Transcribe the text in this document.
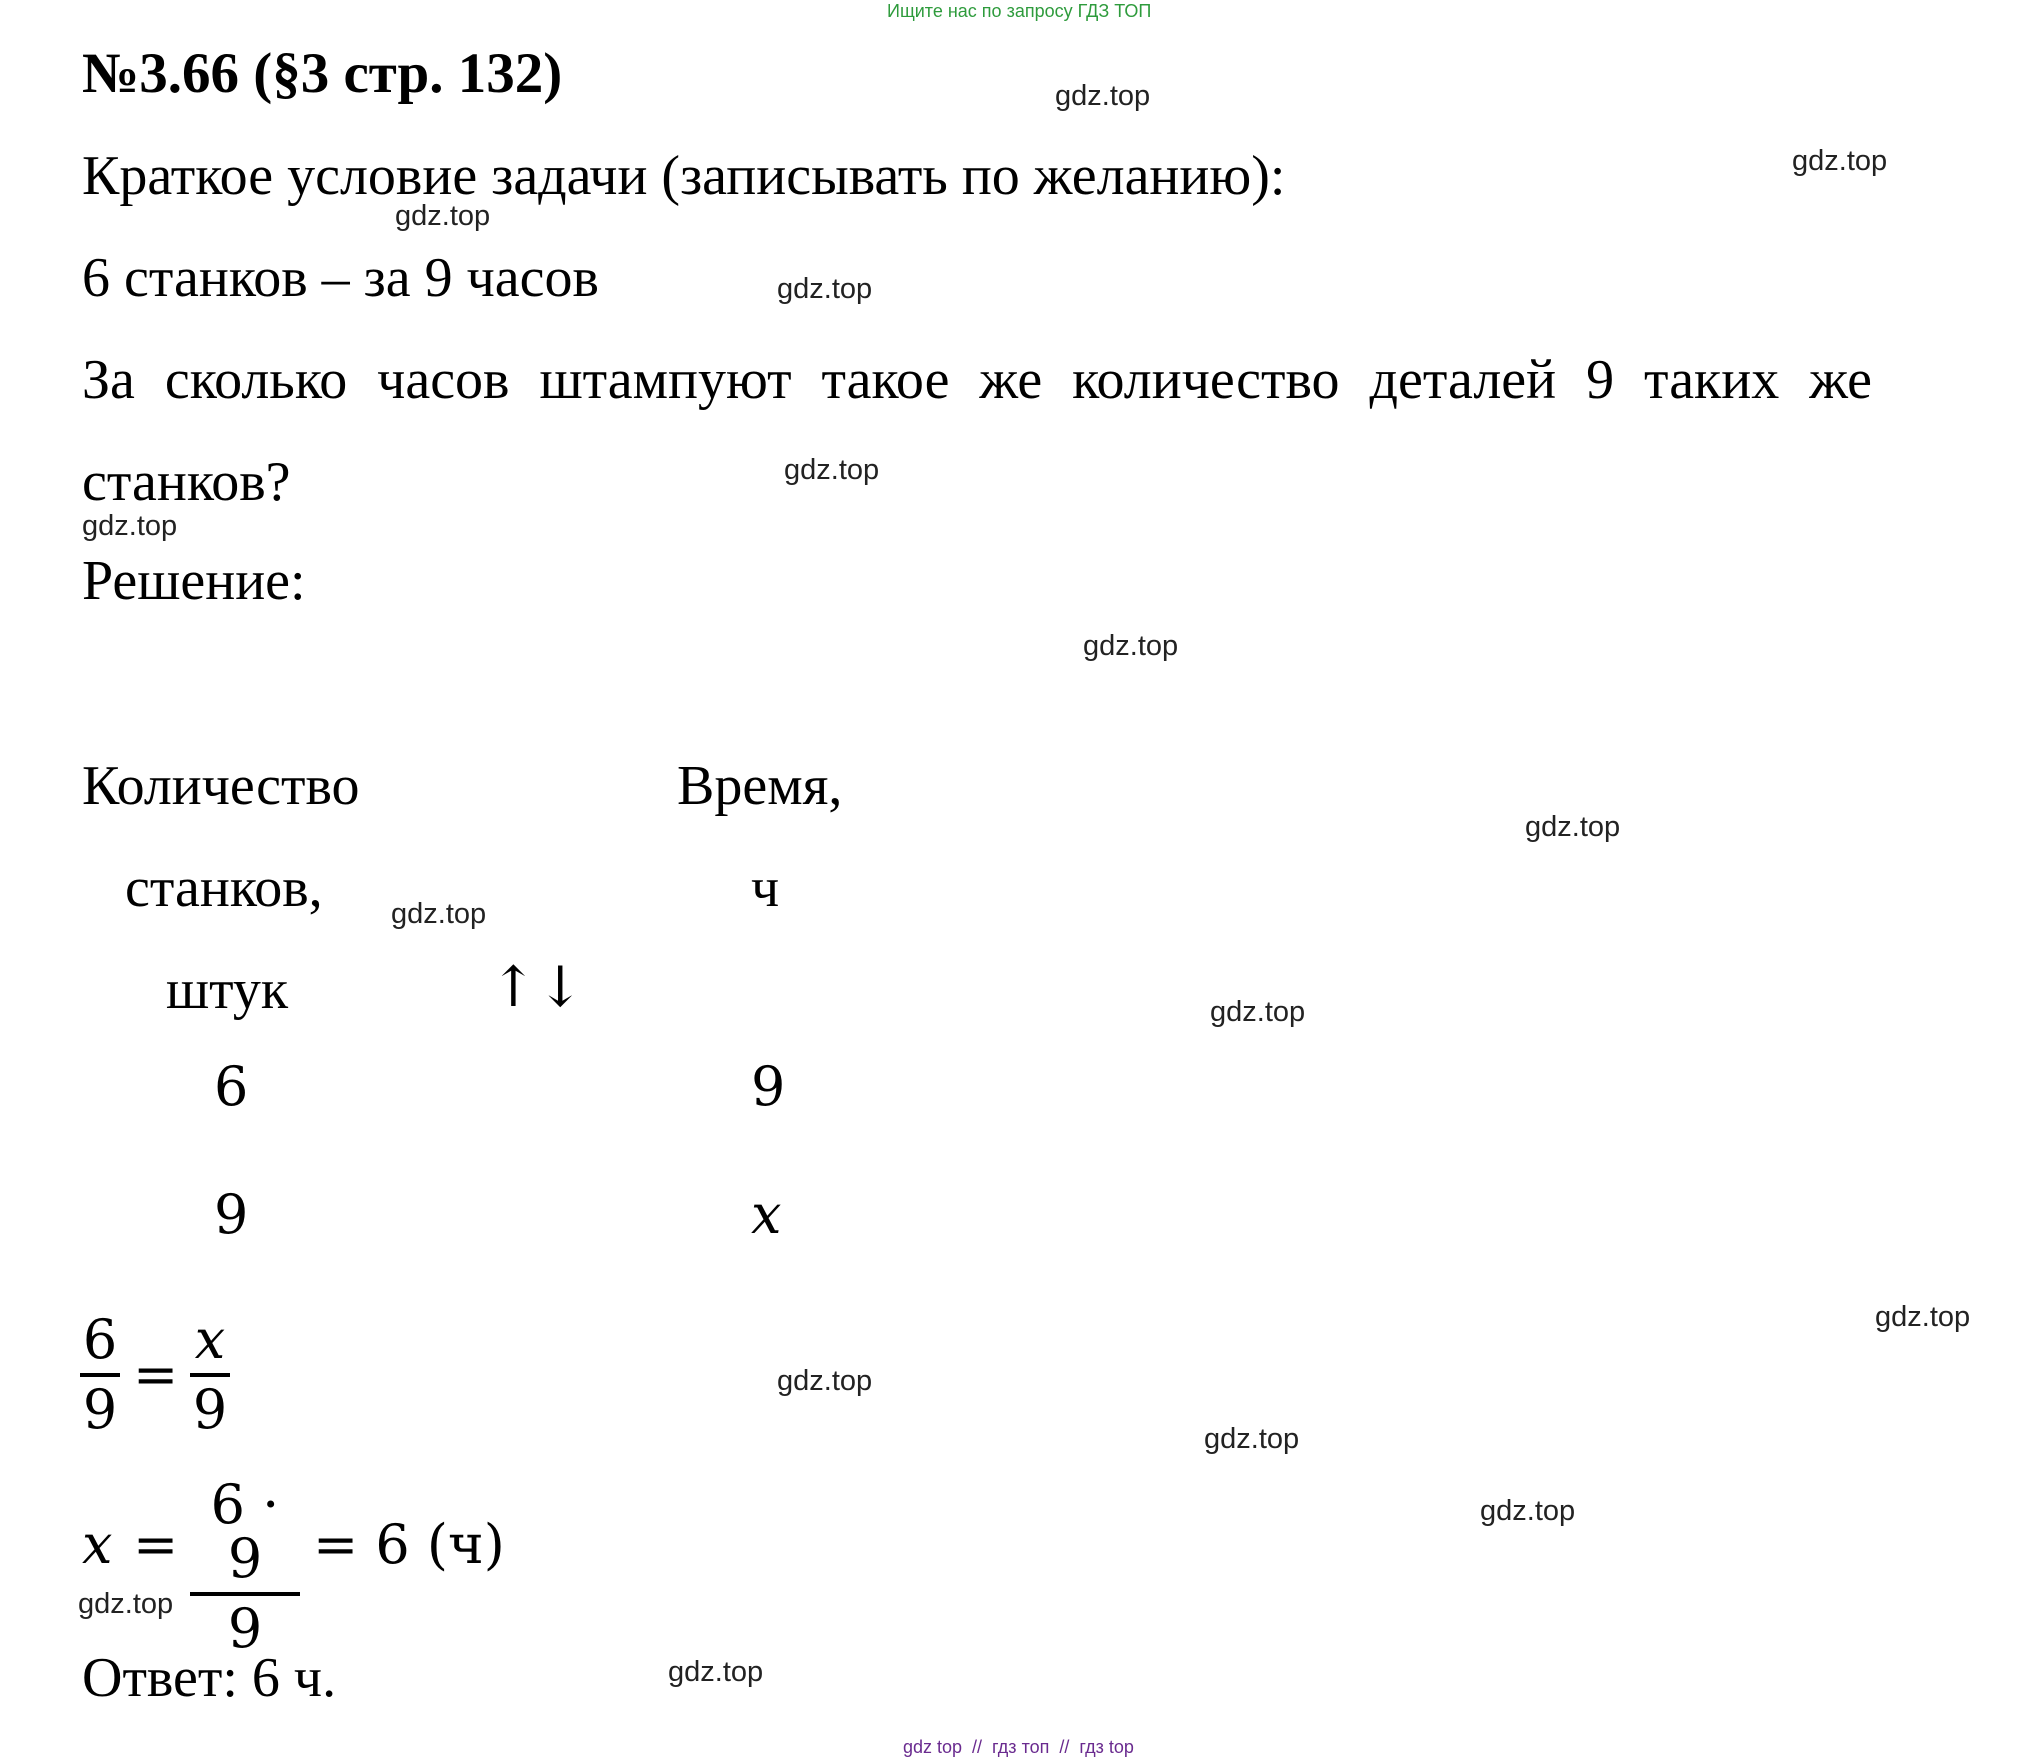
Ищите нас по запросу ГДЗ ТОП
№3.66 (§3 стр. 132)
Краткое условие задачи (записывать по желанию):
6 станков – за 9 часов
За сколько часов штампуют такое же количество деталей 9 таких же
станков?
Решение:
Количество
станков,
штук
Время,
ч
↑↓
6	9
9	x
6
9
=
x
9
x =
6 · 9
9
= 6 (ч)
Ответ: 6 ч.
gdz.top
gdz.top
gdz.top
gdz.top
gdz.top
gdz.top
gdz.top
gdz.top
gdz.top
gdz.top
gdz.top
gdz.top
gdz.top
gdz.top
gdz.top
gdz.top
gdz top  //  гдз топ  //  гдз top
